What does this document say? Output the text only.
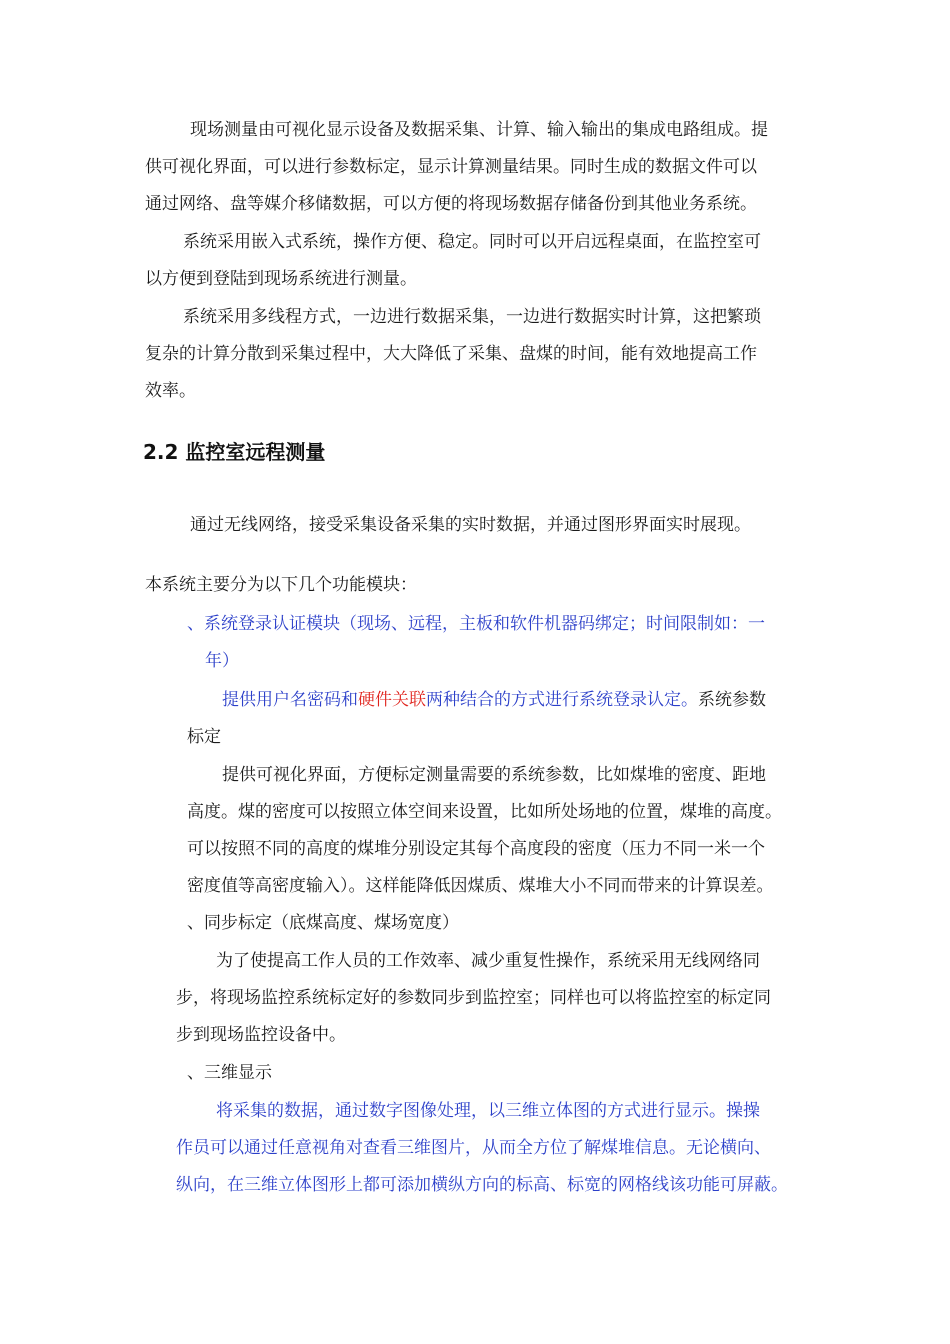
现场测量由可视化显示设备及数据采集、计算、输入输出的集成电路组成。提
供可视化界面，可以进行参数标定，显示计算测量结果。同时生成的数据文件可以
通过网络、盘等媒介移储数据，可以方便的将现场数据存储备份到其他业务系统。
系统采用嵌入式系统，操作方便、稳定。同时可以开启远程桌面，在监控室可
以方便到登陆到现场系统进行测量。
系统采用多线程方式，一边进行数据采集，一边进行数据实时计算，这把繁琐
复杂的计算分散到采集过程中，大大降低了采集、盘煤的时间，能有效地提高工作
效率。
2.2 监控室远程测量
通过无线网络，接受采集设备采集的实时数据，并通过图形界面实时展现。
本系统主要分为以下几个功能模块：
、系统登录认证模块（现场、远程，主板和软件机器码绑定；时间限制如：一
年）
提供用户名密码和硬件关联两种结合的方式进行系统登录认定。系统参数
标定
提供可视化界面，方便标定测量需要的系统参数，比如煤堆的密度、距地
高度。煤的密度可以按照立体空间来设置，比如所处场地的位置，煤堆的高度。
可以按照不同的高度的煤堆分别设定其每个高度段的密度（压力不同一米一个
密度值等高密度输入）。这样能降低因煤质、煤堆大小不同而带来的计算误差。
、同步标定（底煤高度、煤场宽度）
为了使提高工作人员的工作效率、减少重复性操作，系统采用无线网络同
步，将现场监控系统标定好的参数同步到监控室；同样也可以将监控室的标定同
步到现场监控设备中。
、三维显示
将采集的数据，通过数字图像处理，以三维立体图的方式进行显示。操操
作员可以通过任意视角对查看三维图片，从而全方位了解煤堆信息。无论横向、
纵向，在三维立体图形上都可添加横纵方向的标高、标宽的网格线该功能可屏蔽。
